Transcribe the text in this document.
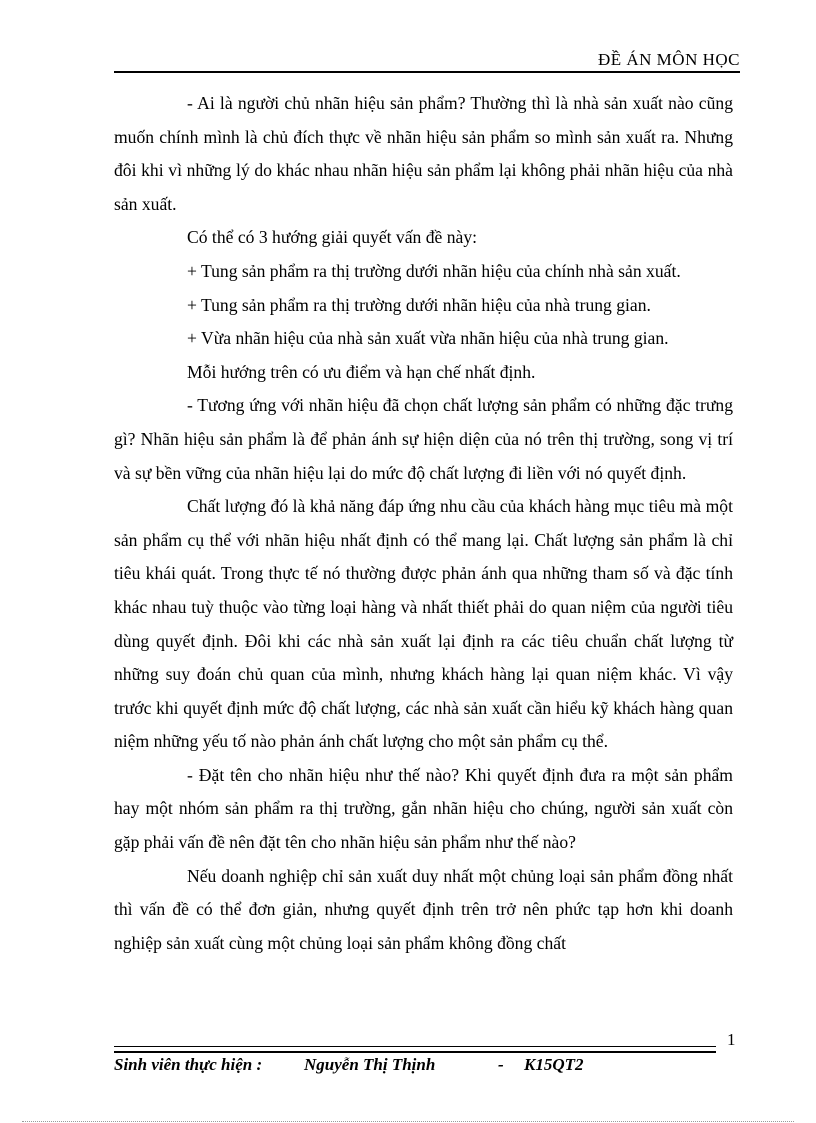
ĐỀ ÁN MÔN HỌC

- Ai là người chủ nhãn hiệu sản phẩm? Thường thì là nhà sản xuất nào cũng muốn chính mình là chủ đích thực về nhãn hiệu sản phẩm so mình sản xuất ra. Nhưng đôi khi vì những lý do khác nhau nhãn hiệu sản phẩm lại không phải nhãn hiệu của nhà sản xuất.

Có thể có 3 hướng giải quyết vấn đề này:

+ Tung sản phẩm ra thị trường dưới nhãn hiệu của chính nhà sản xuất.

+ Tung sản phẩm ra thị trường dưới nhãn hiệu của nhà trung gian.

+ Vừa nhãn hiệu của nhà sản xuất vừa nhãn hiệu của nhà trung gian.

Mỗi hướng trên có ưu điểm và hạn chế nhất định.

- Tương ứng với nhãn hiệu đã chọn chất lượng sản phẩm có những đặc trưng gì? Nhãn hiệu sản phẩm là để phản ánh sự hiện diện của nó trên thị trường, song vị trí và sự bền vững của nhãn hiệu lại do mức độ chất lượng đi liền với nó quyết định.

Chất lượng đó là khả năng đáp ứng nhu cầu của khách hàng mục tiêu mà một sản phẩm cụ thể với nhãn hiệu nhất định có thể mang lại. Chất lượng sản phẩm là chỉ tiêu khái quát. Trong thực tế nó thường được phản ánh qua những tham số và đặc tính khác nhau tuỳ thuộc vào từng loại hàng và nhất thiết phải do quan niệm của người tiêu dùng quyết định. Đôi khi các nhà sản xuất lại định ra các tiêu chuẩn chất lượng từ những suy đoán chủ quan của mình, nhưng khách hàng lại quan niệm khác. Vì vậy trước khi quyết định mức độ chất lượng, các nhà sản xuất cần hiểu kỹ khách hàng quan niệm những yếu tố nào phản ánh chất lượng cho một sản phẩm cụ thể.

- Đặt tên cho nhãn hiệu như thế nào? Khi quyết định đưa ra một sản phẩm hay một nhóm sản phẩm ra thị trường, gắn nhãn hiệu cho chúng, người sản xuất còn gặp phải vấn đề nên đặt tên cho nhãn hiệu sản phẩm như thế nào?

Nếu doanh nghiệp chỉ sản xuất duy nhất một chủng loại sản phẩm đồng nhất thì vấn đề có thể đơn giản, nhưng quyết định trên trở nên phức tạp hơn khi doanh nghiệp sản xuất cùng một chủng loại sản phẩm không đồng chất

1
Sinh viên thực hiện : Nguyễn Thị Thịnh	- K15QT2
